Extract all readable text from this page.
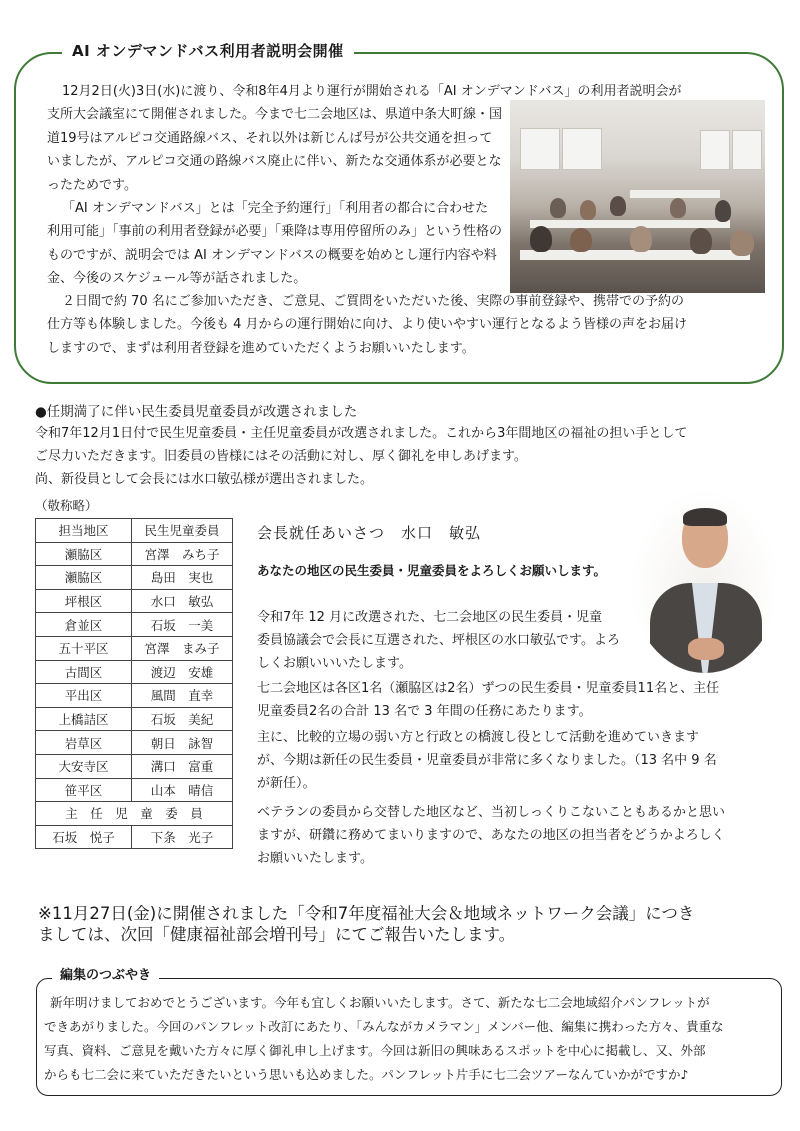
AI オンデマンドバス利用者説明会開催
12月2日(火)3日(水)に渡り、令和8年4月より運行が開始される「AI オンデマンドバス」の利用者説明会が
支所大会議室にて開催されました。今まで七二会地区は、県道中条大町線・国道19号はアルピコ交通路線バス、それ以外は新じんば号が公共交通を担っていましたが、アルピコ交通の路線バス廃止に伴い、新たな交通体系が必要となったためです。
「AI オンデマンドバス」とは「完全予約運行」「利用者の都合に合わせた
利用可能」「事前の利用者登録が必要」「乗降は専用停留所のみ」という性格のものですが、説明会では AI オンデマンドバスの概要を始めとし運行内容や料金、今後のスケジュール等が話されました。
２日間で約 70 名にご参加いただき、ご意見、ご質問をいただいた後、実際の事前登録や、携帯での予約の
仕方等も体験しました。今後も 4 月からの運行開始に向け、より使いやすい運行となるよう皆様の声をお届け
しますので、まずは利用者登録を進めていただくようお願いいたします。
●任期満了に伴い民生委員児童委員が改選されました
令和7年12月1日付で民生児童委員・主任児童委員が改選されました。これから3年間地区の福祉の担い手として
ご尽力いただきます。旧委員の皆様にはその活動に対し、厚く御礼を申しあげます。
尚、新役員として会長には水口敏弘様が選出されました。
（敬称略）
担当地区	民生児童委員
瀬脇区	宮澤　みち子
瀬脇区	島田　実也
坪根区	水口　敏弘
倉並区	石坂　一美
五十平区	宮澤　まみ子
古間区	渡辺　安雄
平出区	風間　直幸
上橋詰区	石坂　美紀
岩草区	朝日　詠智
大安寺区	溝口　富重
笹平区	山本　晴信
主　任　児　童　委　員	
石坂　悦子	下条　光子
会長就任あいさつ　水口　敏弘
あなたの地区の民生委員・児童委員をよろしくお願いします。
令和7年 12 月に改選された、七二会地区の民生委員・児童
委員協議会で会長に互選された、坪根区の水口敏弘です。よろ
しくお願いいいたします。
七二会地区は各区1名（瀬脇区は2名）ずつの民生委員・児童委員11名と、主任
児童委員2名の合計 13 名で 3 年間の任務にあたります。
主に、比較的立場の弱い方と行政との橋渡し役として活動を進めていきます
が、今期は新任の民生委員・児童委員が非常に多くなりました。（13 名中 9 名
が新任）。
ベテランの委員から交替した地区など、当初しっくりこないこともあるかと思い
ますが、研鑽に務めてまいりますので、あなたの地区の担当者をどうかよろしく
お願いいたします。
※11月27日(金)に開催されました「令和7年度福祉大会＆地域ネットワーク会議」につき
ましては、次回「健康福祉部会増刊号」にてご報告いたします。
編集のつぶやき
新年明けましておめでとうございます。今年も宜しくお願いいたします。さて、新たな七二会地域紹介パンフレットが
できあがりました。今回のパンフレット改訂にあたり、「みんながカメラマン」メンバー他、編集に携わった方々、貴重な
写真、資料、ご意見を戴いた方々に厚く御礼申し上げます。今回は新旧の興味あるスポットを中心に掲載し、又、外部
からも七二会に来ていただきたいという思いも込めました。パンフレット片手に七二会ツアーなんていかがですか♪
